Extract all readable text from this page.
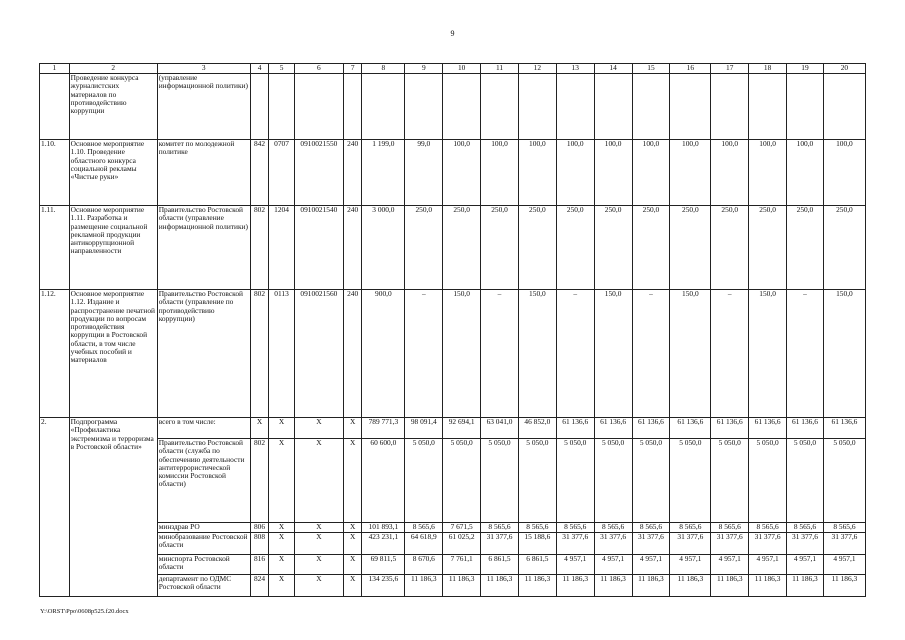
9
1	2	3	4	5	6	7	8	9	10	11	12	13	14	15	16	17	18	19	20
	Проведение конкурса журналистских материалов по противодействию коррупции	(управление информационной политики)																	
1.10.	Основное мероприятие 1.10. Проведение областного конкурса социальной рекламы «Чистые руки»	комитет по молодежной политике	842	0707	0910021550	240	1 199,0	99,0	100,0	100,0	100,0	100,0	100,0	100,0	100,0	100,0	100,0	100,0	100,0
1.11.	Основное мероприятие 1.11. Разработка и размещение социальной рекламной продукции антикоррупционной направленности	Правительство Ростовской области (управление информационной политики)	802	1204	0910021540	240	3 000,0	250,0	250,0	250,0	250,0	250,0	250,0	250,0	250,0	250,0	250,0	250,0	250,0
1.12.	Основное мероприятие 1.12. Издание и распространение печатной продукции по вопросам противодействия коррупции в Ростовской области, в том числе учебных пособий и материалов	Правительство Ростовской области (управление по противодействию коррупции)	802	0113	0910021560	240	900,0	–	150,0	–	150,0	–	150,0	–	150,0	–	150,0	–	150,0
2.	Подпрограмма «Профилактика экстремизма и терроризма в Ростовской области»	всего в том числе:	Х	Х	Х	Х	789 771,3	98 091,4	92 694,1	63 041,0	46 852,0	61 136,6	61 136,6	61 136,6	61 136,6	61 136,6	61 136,6	61 136,6	61 136,6
		Правительство Ростовской области (служба по обеспечению деятельности антитеррористической комиссии Ростовской области)	802	Х	Х	Х	60 600,0	5 050,0	5 050,0	5 050,0	5 050,0	5 050,0	5 050,0	5 050,0	5 050,0	5 050,0	5 050,0	5 050,0	5 050,0
		минздрав РО	806	Х	Х	Х	101 893,1	8 565,6	7 671,5	8 565,6	8 565,6	8 565,6	8 565,6	8 565,6	8 565,6	8 565,6	8 565,6	8 565,6	8 565,6
		минобразование Ростовской области	808	Х	Х	Х	423 231,1	64 618,9	61 025,2	31 377,6	15 188,6	31 377,6	31 377,6	31 377,6	31 377,6	31 377,6	31 377,6	31 377,6	31 377,6
		минспорта Ростовской области	816	Х	Х	Х	69 811,5	8 670,6	7 761,1	6 861,5	6 861,5	4 957,1	4 957,1	4 957,1	4 957,1	4 957,1	4 957,1	4 957,1	4 957,1
		департамент по ОДМС Ростовской области	824	Х	Х	Х	134 235,6	11 186,3	11 186,3	11 186,3	11 186,3	11 186,3	11 186,3	11 186,3	11 186,3	11 186,3	11 186,3	11 186,3	11 186,3
Y:\ORST\Ppo\0608p525.f20.docx
